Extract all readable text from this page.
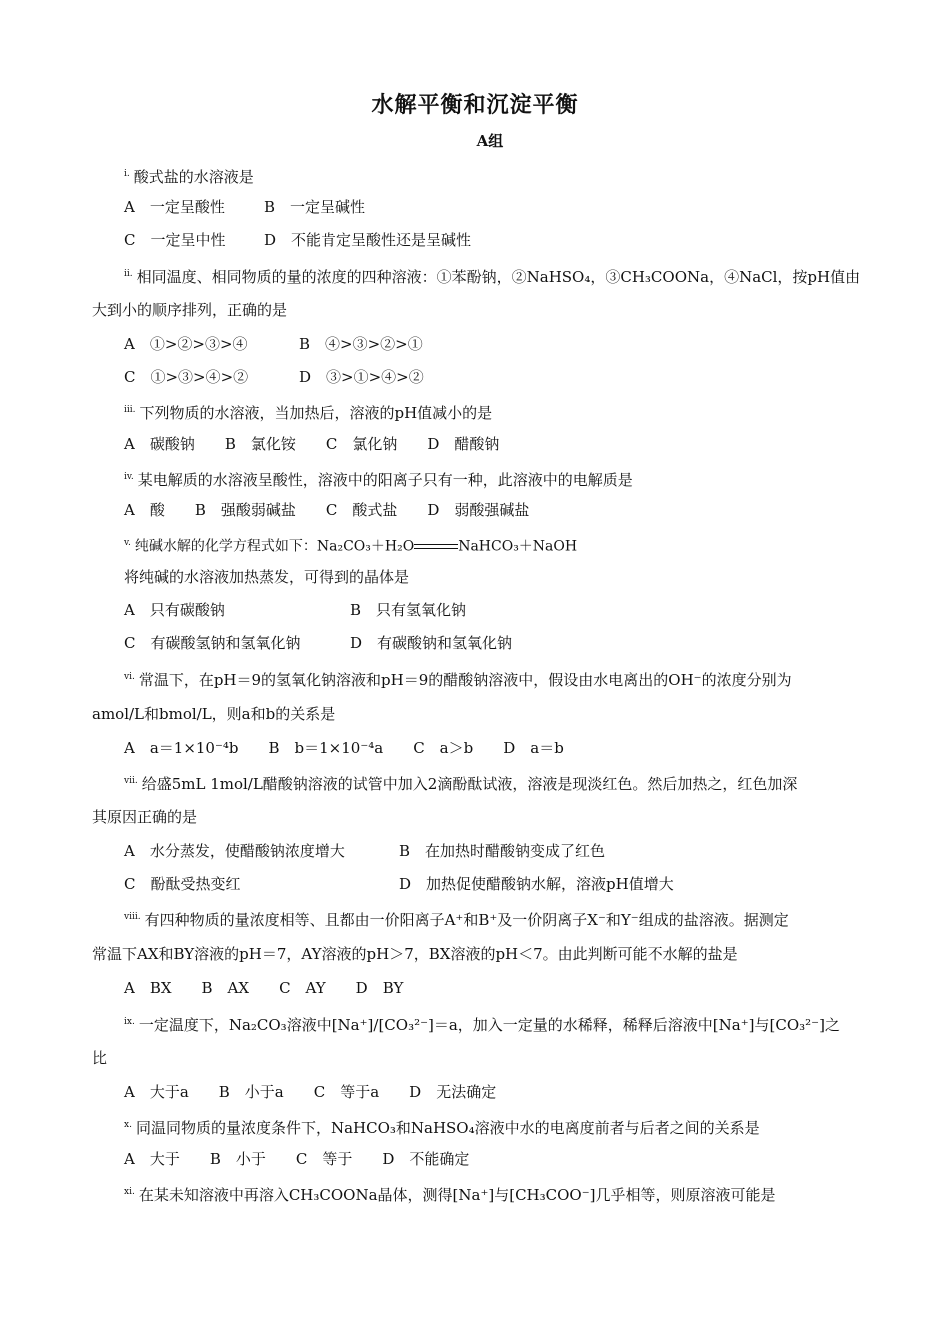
水解平衡和沉淀平衡
A组
$^{i.}$ 酸式盐的水溶液是
A　一定呈酸性	B　一定呈碱性
C　一定呈中性	D　不能肯定呈酸性还是呈碱性
$^{ii.}$ 相同温度、相同物质的量的浓度的四种溶液：①苯酚钠，②NaHSO₄，③CH₃COONa，④NaCl，按pH值由
大到小的顺序排列，正确的是
A　①>②>③>④	B　④>③>②>①
C　①>③>④>②	D　③>①>④>②
$^{iii.}$ 下列物质的水溶液，当加热后，溶液的pH值减小的是
A　碳酸钠　　B　氯化铵　　C　氯化钠　　D　醋酸钠
$^{iv.}$ 某电解质的水溶液呈酸性，溶液中的阳离子只有一种，此溶液中的电解质是
A　酸　　B　强酸弱碱盐　　C　酸式盐　　D　弱酸强碱盐
$^{v.}$ 纯碱水解的化学方程式如下：Na₂CO₃＋H₂O	NaHCO₃＋NaOH
将纯碱的水溶液加热蒸发，可得到的晶体是
A　只有碳酸钠	B　只有氢氧化钠
C　有碳酸氢钠和氢氧化钠	D　有碳酸钠和氢氧化钠
$^{vi.}$ 常温下，在pH＝9的氢氧化钠溶液和pH＝9的醋酸钠溶液中，假设由水电离出的OH⁻的浓度分别为
amol/L和bmol/L，则a和b的关系是
A　a＝1×10⁻⁴b　　B　b＝1×10⁻⁴a　　C　a＞b　　D　a＝b
$^{vii.}$ 给盛5mL 1mol/L醋酸钠溶液的试管中加入2滴酚酞试液，溶液是现淡红色。然后加热之，红色加深
其原因正确的是
A　水分蒸发，使醋酸钠浓度增大	B　在加热时醋酸钠变成了红色
C　酚酞受热变红	D　加热促使醋酸钠水解，溶液pH值增大
$^{viii.}$ 有四种物质的量浓度相等、且都由一价阳离子A⁺和B⁺及一价阴离子X⁻和Y⁻组成的盐溶液。据测定
常温下AX和BY溶液的pH＝7，AY溶液的pH＞7，BX溶液的pH＜7。由此判断可能不水解的盐是
A　BX　　B　AX　　C　AY　　D　BY
$^{ix.}$ 一定温度下，Na₂CO₃溶液中[Na⁺]/[CO₃²⁻]＝a，加入一定量的水稀释，稀释后溶液中[Na⁺]与[CO₃²⁻]之
比
A　大于a　　B　小于a　　C　等于a　　D　无法确定
$^{x.}$ 同温同物质的量浓度条件下，NaHCO₃和NaHSO₄溶液中水的电离度前者与后者之间的关系是
A　大于　　B　小于　　C　等于　　D　不能确定
$^{xi.}$ 在某未知溶液中再溶入CH₃COONa晶体，测得[Na⁺]与[CH₃COO⁻]几乎相等，则原溶液可能是
